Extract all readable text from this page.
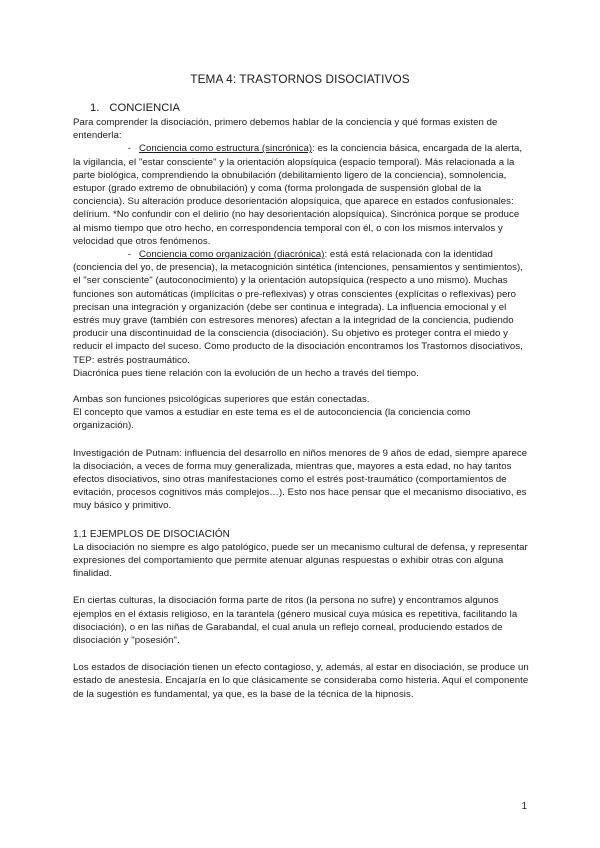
TEMA 4: TRASTORNOS DISOCIATIVOS
1. CONCIENCIA

Para comprender la disociación, primero debemos hablar de la conciencia y qué formas existen de entenderla:

- Conciencia como estructura (sincrónica): es la conciencia básica, encargada de la alerta, la vigilancia, el "estar consciente" y la orientación alopsíquica (espacio temporal). Más relacionada a la parte biológica, comprendiendo la obnubilación (debilitamiento ligero de la conciencia), somnolencia, estupor (grado extremo de obnubilación) y coma (forma prolongada de suspensión global de la conciencia). Su alteración produce desorientación alopsíquica, que aparece en estados confusionales: delírium. *No confundir con el delirio (no hay desorientación alopsíquica). Sincrónica porque se produce al mismo tiempo que otro hecho, en correspondencia temporal con él, o con los mismos intervalos y velocidad que otros fenómenos.

- Conciencia como organización (diacrónica): está está relacionada con la identidad (conciencia del yo, de presencia), la metacognición sintética (intenciones, pensamientos y sentimientos), el "ser consciente" (autoconocimiento) y la orientación autopsíquica (respecto a uno mismo). Muchas funciones son automáticas (implícitas o pre-reflexivas) y otras conscientes (explícitas o reflexivas) pero precisan una integración y organización (debe ser continua e integrada). La influencia emocional y el estrés muy grave (también con estresores menores) afectan a la integridad de la conciencia, pudiendo producir una discontinuidad de la consciencia (disociación). Su objetivo es proteger contra el miedo y reducir el impacto del suceso. Como producto de la disociación encontramos los Trastornos disociativos, TEP: estrés postraumático.

Diacrónica pues tiene relación con la evolución de un hecho a través del tiempo.

Ambas son funciones psicológicas superiores que están conectadas.

El concepto que vamos a estudiar en este tema es el de autoconciencia (la conciencia como organización).

Investigación de Putnam: influencia del desarrollo en niños menores de 9 años de edad, siempre aparece la disociación, a veces de forma muy generalizada, mientras que, mayores a esta edad, no hay tantos efectos disociativos, sino otras manifestaciones como el estrés post-traumático (comportamientos de evitación, procesos cognitivos más complejos…). Esto nos hace pensar que el mecanismo disociativo, es muy básico y primitivo.

1.1 EJEMPLOS DE DISOCIACIÓN

La disociación no siempre es algo patológico, puede ser un mecanismo cultural de defensa, y representar expresiones del comportamiento que permite atenuar algunas respuestas o exhibir otras con alguna finalidad.

En ciertas culturas, la disociación forma parte de ritos (la persona no sufre) y encontramos algunos ejemplos en el éxtasis religioso, en la tarantela (género musical cuya música es repetitiva, facilitando la disociación), o en las niñas de Garabandal, el cual anula un reflejo corneal, produciendo estados de disociación y "posesión".

Los estados de disociación tienen un efecto contagioso, y, además, al estar en disociación, se produce un estado de anestesia. Encajaría en lo que clásicamente se consideraba como histeria. Aquí el componente de la sugestión es fundamental, ya que, es la base de la técnica de la hipnosis.

1
